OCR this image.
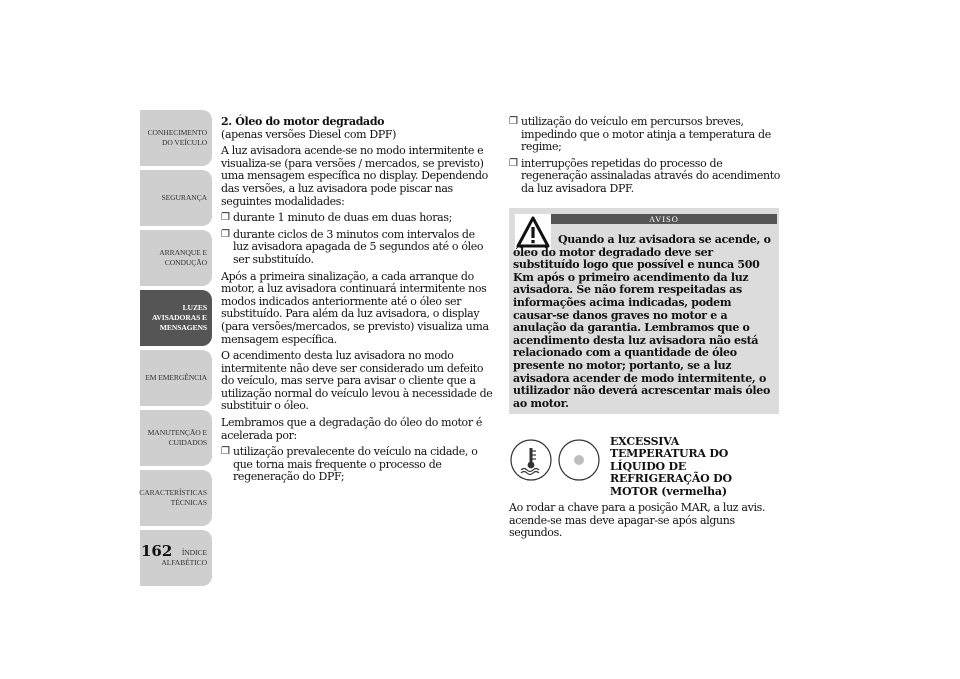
CONHECIMENTO
DO VEÍCULO
SEGURANÇA
ARRANQUE E
CONDUÇÃO
LUZES
AVISADORAS E
MENSAGENS
EM EMERGÊNCIA
MANUTENÇÃO E
CUIDADOS
CARACTERÍSTICAS
TÉCNICAS
ÍNDICE
ALFABÉTICO
162
2. Óleo do motor degradado

(apenas versões Diesel com DPF)

A luz avisadora acende-se no modo intermitente e visualiza-se (para versões / mercados, se previsto) uma mensagem específica no display. Dependendo das versões, a luz avisadora pode piscar nas seguintes modalidades:

❐ durante 1 minuto de duas em duas horas;
❐ durante ciclos de 3 minutos com intervalos de luz avisadora apagada de 5 segundos até o óleo ser substituído.

Após a primeira sinalização, a cada arranque do motor, a luz avisadora continuará intermitente nos modos indicados anteriormente até o óleo ser substituído. Para além da luz avisadora, o display (para versões/mercados, se previsto) visualiza uma mensagem específica.

O acendimento desta luz avisadora no modo intermitente não deve ser considerado um defeito do veículo, mas serve para avisar o cliente que a utilização normal do veículo levou à necessidade de substituir o óleo.

Lembramos que a degradação do óleo do motor é acelerada por:

❐ utilização prevalecente do veículo na cidade, o que torna mais frequente o processo de regeneração do DPF;
❐ utilização do veículo em percursos breves, impedindo que o motor atinja a temperatura de regime;
❐ interrupções repetidas do processo de regeneração assinaladas através do acendimento da luz avisadora DPF.
AVISO
Quando a luz avisadora se acende, o óleo do motor degradado deve ser substituído logo que possível e nunca 500 Km após o primeiro acendimento da luz avisadora. Se não forem respeitadas as informações acima indicadas, podem causar-se danos graves no motor e a anulação da garantia. Lembramos que o acendimento desta luz avisadora não está relacionado com a quantidade de óleo presente no motor; portanto, se a luz avisadora acender de modo intermitente, o utilizador não deverá acrescentar mais óleo ao motor.
EXCESSIVA TEMPERATURA DO LÍQUIDO DE REFRIGERAÇÃO DO MOTOR (vermelha)
Ao rodar a chave para a posição MAR, a luz avis. acende-se mas deve apagar-se após alguns segundos.
